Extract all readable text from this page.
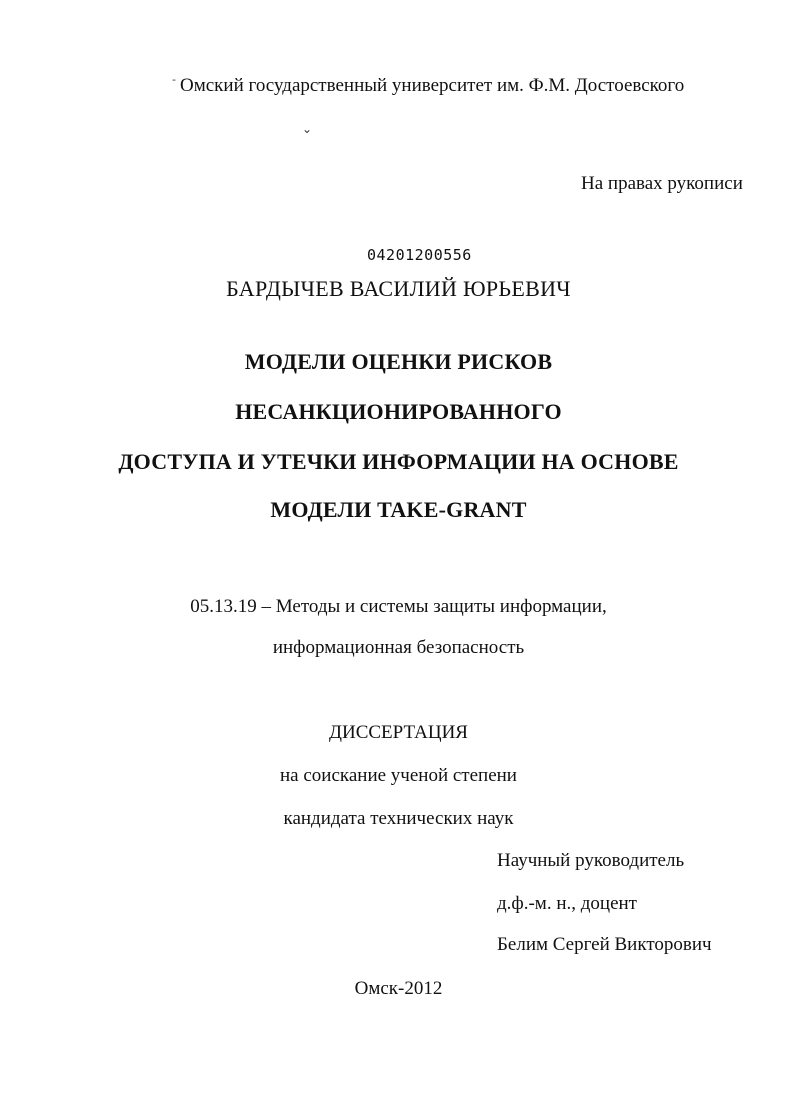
-
⌄
Омский государственный университет им. Ф.М. Достоевского
На правах рукописи
04201200556
БАРДЫЧЕВ ВАСИЛИЙ ЮРЬЕВИЧ
МОДЕЛИ ОЦЕНКИ РИСКОВ
НЕСАНКЦИОНИРОВАННОГО
ДОСТУПА И УТЕЧКИ ИНФОРМАЦИИ НА ОСНОВЕ
МОДЕЛИ TAKE-GRANT
05.13.19 – Методы и системы защиты информации,
информационная безопасность
ДИССЕРТАЦИЯ
на соискание ученой степени
кандидата технических наук
Научный руководитель
д.ф.-м. н., доцент
Белим Сергей Викторович
Омск-2012
